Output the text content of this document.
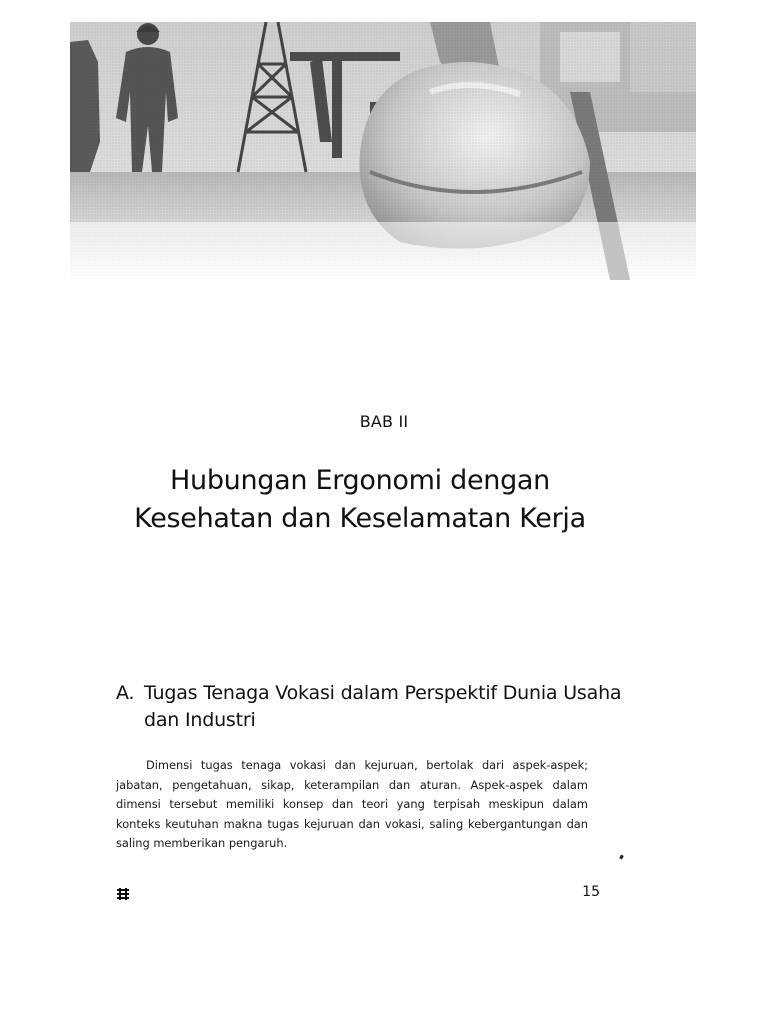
BAB II
Hubungan Ergonomi dengan
Kesehatan dan Keselamatan Kerja
A. Tugas Tenaga Vokasi dalam Perspektif Dunia Usaha dan Industri

Dimensi tugas tenaga vokasi dan kejuruan, bertolak dari aspek-aspek; jabatan, pengetahuan, sikap, keterampilan dan aturan. Aspek-aspek dalam dimensi tersebut memiliki konsep dan teori yang terpisah meskipun dalam konteks keutuhan makna tugas kejuruan dan vokasi, saling kebergantungan dan saling memberikan pengaruh.

15
